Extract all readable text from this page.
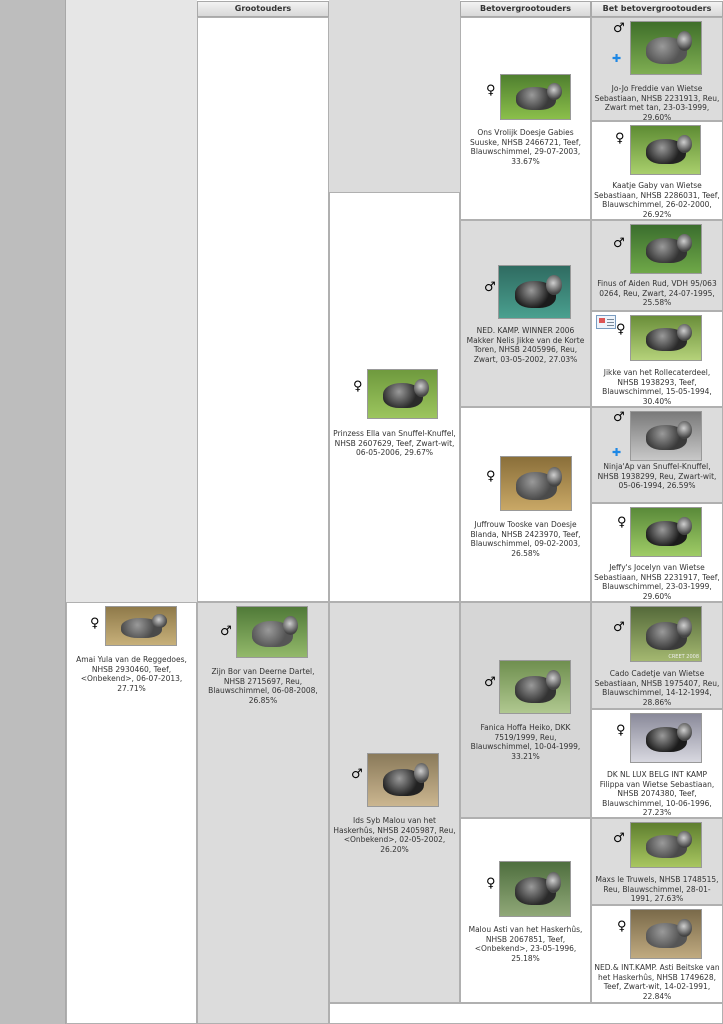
Grootouders	Betovergrootouders	Bet betovergrootouders
♀
Prinzess Ella van Snuffel-Knuffel, NHSB 2607629, Teef, Zwart-wit, 06-05-2006, 29.67%
♀
Ons Vrolijk Doesje Gabies Suuske, NHSB 2466721, Teef, Blauwschimmel, 29-07-2003, 33.67%
♂
NED. KAMP. WINNER 2006 Makker Nelis Jikke van de Korte Toren, NHSB 2405996, Reu, Zwart, 03-05-2002, 27.03%
♀
Juffrouw Tooske van Doesje Blanda, NHSB 2423970, Teef, Blauwschimmel, 09-02-2003, 26.58%
♂
✚
Jo-Jo Freddie van Wietse Sebastiaan, NHSB 2231913, Reu, Zwart met tan, 23-03-1999, 29.60%
♀
Kaatje Gaby van Wietse Sebastiaan, NHSB 2286031, Teef, Blauwschimmel, 26-02-2000, 26.92%
♂
Finus of Aiden Rud, VDH 95/063 0264, Reu, Zwart, 24-07-1995, 25.58%
♀
Jikke van het Rollecaterdeel, NHSB 1938293, Teef, Blauwschimmel, 15-05-1994, 30.40%
♂
✚
Ninja'Ap van Snuffel-Knuffel, NHSB 1938299, Reu, Zwart-wit, 05-06-1994, 26.59%
♀
Jeffy's Jocelyn van Wietse Sebastiaan, NHSB 2231917, Teef, Blauwschimmel, 23-03-1999, 29.60%
♀
Amai Yula van de Reggedoes, NHSB 2930460, Teef, <Onbekend>, 06-07-2013, 27.71%
♂
Zijn Bor van Deerne Dartel, NHSB 2715697, Reu, Blauwschimmel, 06-08-2008, 26.85%
♂
Ids Syb Malou van het Haskerhûs, NHSB 2405987, Reu, <Onbekend>, 02-05-2002, 26.20%
♂
Fanica Hoffa Heiko, DKK 7519/1999, Reu, Blauwschimmel, 10-04-1999, 33.21%
♀
Malou Asti van het Haskerhûs, NHSB 2067851, Teef, <Onbekend>, 23-05-1996, 25.18%
♂
CREET 2008
Cado Cadetje van Wietse Sebastiaan, NHSB 1975407, Reu, Blauwschimmel, 14-12-1994, 28.86%
♀
DK NL LUX BELG INT KAMP Filippa van Wietse Sebastiaan, NHSB 2074380, Teef, Blauwschimmel, 10-06-1996, 27.23%
♂
Maxs le Truwels, NHSB 1748515, Reu, Blauwschimmel, 28-01-1991, 27.63%
♀
NED.& INT.KAMP. Asti Beitske van het Haskerhûs, NHSB 1749628, Teef, Zwart-wit, 14-02-1991, 22.84%
